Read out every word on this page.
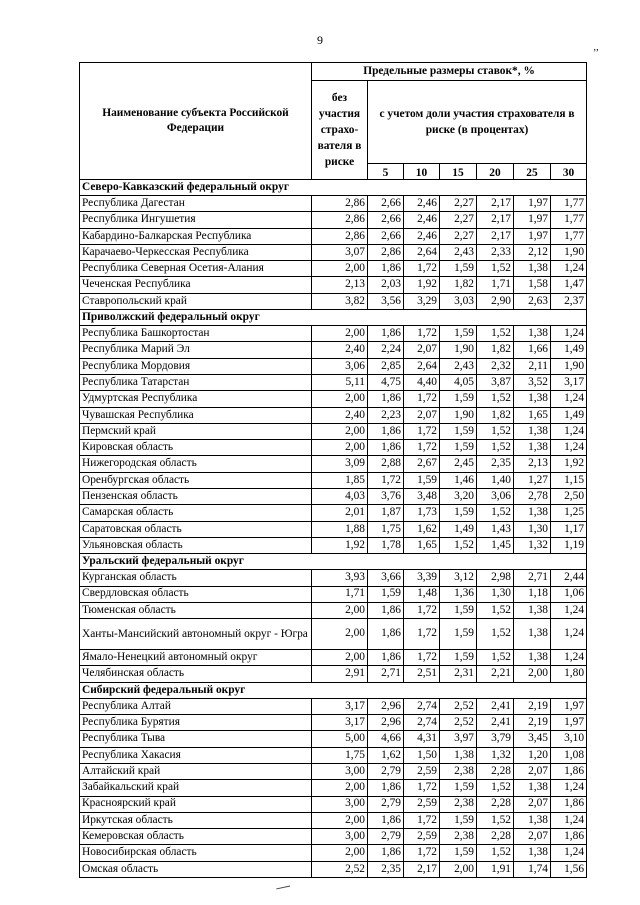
9
’’
Наименование субъекта Российской Федерации	Предельные размеры ставок*, %						
	без участия страхо-вателя в риске	с учетом доли участия страхователя в риске (в процентах)					
		5	10	15	20	25	30
Северо-Кавказский федеральный округ							
Республика Дагестан	2,86	2,66	2,46	2,27	2,17	1,97	1,77
Республика Ингушетия	2,86	2,66	2,46	2,27	2,17	1,97	1,77
Кабардино-Балкарская Республика	2,86	2,66	2,46	2,27	2,17	1,97	1,77
Карачаево-Черкесская Республика	3,07	2,86	2,64	2,43	2,33	2,12	1,90
Республика Северная Осетия-Алания	2,00	1,86	1,72	1,59	1,52	1,38	1,24
Чеченская Республика	2,13	2,03	1,92	1,82	1,71	1,58	1,47
Ставропольский край	3,82	3,56	3,29	3,03	2,90	2,63	2,37
Приволжский федеральный округ							
Республика Башкортостан	2,00	1,86	1,72	1,59	1,52	1,38	1,24
Республика Марий Эл	2,40	2,24	2,07	1,90	1,82	1,66	1,49
Республика Мордовия	3,06	2,85	2,64	2,43	2,32	2,11	1,90
Республика Татарстан	5,11	4,75	4,40	4,05	3,87	3,52	3,17
Удмуртская Республика	2,00	1,86	1,72	1,59	1,52	1,38	1,24
Чувашская Республика	2,40	2,23	2,07	1,90	1,82	1,65	1,49
Пермский край	2,00	1,86	1,72	1,59	1,52	1,38	1,24
Кировская область	2,00	1,86	1,72	1,59	1,52	1,38	1,24
Нижегородская область	3,09	2,88	2,67	2,45	2,35	2,13	1,92
Оренбургская область	1,85	1,72	1,59	1,46	1,40	1,27	1,15
Пензенская область	4,03	3,76	3,48	3,20	3,06	2,78	2,50
Самарская область	2,01	1,87	1,73	1,59	1,52	1,38	1,25
Саратовская область	1,88	1,75	1,62	1,49	1,43	1,30	1,17
Ульяновская область	1,92	1,78	1,65	1,52	1,45	1,32	1,19
Уральский федеральный округ							
Курганская область	3,93	3,66	3,39	3,12	2,98	2,71	2,44
Свердловская область	1,71	1,59	1,48	1,36	1,30	1,18	1,06
Тюменская область	2,00	1,86	1,72	1,59	1,52	1,38	1,24
Ханты-Мансийский автономный округ - Югра	2,00	1,86	1,72	1,59	1,52	1,38	1,24
Ямало-Ненецкий автономный округ	2,00	1,86	1,72	1,59	1,52	1,38	1,24
Челябинская область	2,91	2,71	2,51	2,31	2,21	2,00	1,80
Сибирский федеральный округ							
Республика Алтай	3,17	2,96	2,74	2,52	2,41	2,19	1,97
Республика Бурятия	3,17	2,96	2,74	2,52	2,41	2,19	1,97
Республика Тыва	5,00	4,66	4,31	3,97	3,79	3,45	3,10
Республика Хакасия	1,75	1,62	1,50	1,38	1,32	1,20	1,08
Алтайский край	3,00	2,79	2,59	2,38	2,28	2,07	1,86
Забайкальский край	2,00	1,86	1,72	1,59	1,52	1,38	1,24
Красноярский край	3,00	2,79	2,59	2,38	2,28	2,07	1,86
Иркутская область	2,00	1,86	1,72	1,59	1,52	1,38	1,24
Кемеровская область	3,00	2,79	2,59	2,38	2,28	2,07	1,86
Новосибирская область	2,00	1,86	1,72	1,59	1,52	1,38	1,24
Омская область	2,52	2,35	2,17	2,00	1,91	1,74	1,56
